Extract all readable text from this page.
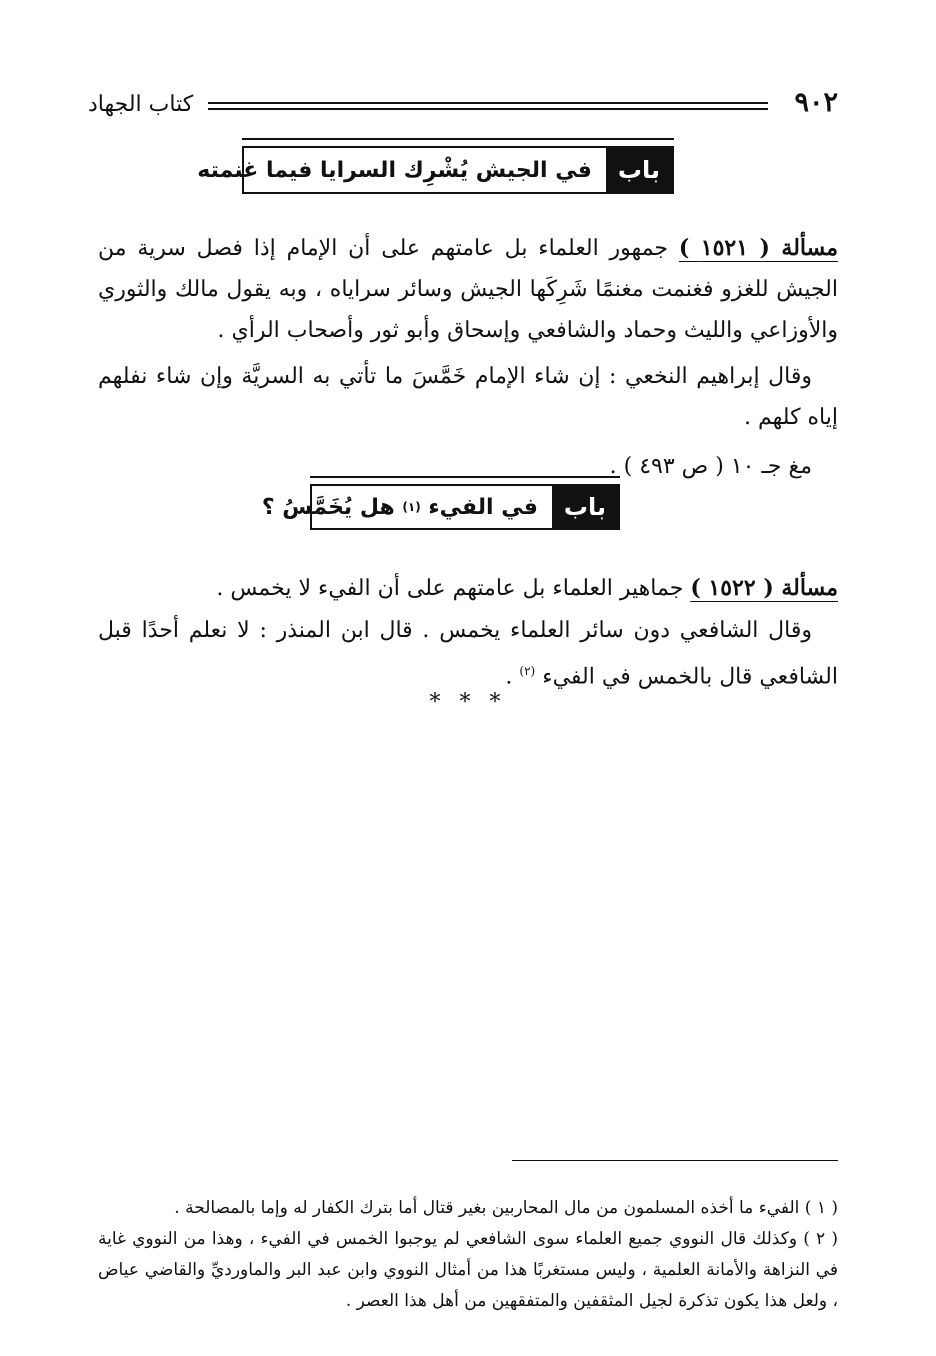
٩٠٢
كتاب الجهاد
باب
في الجيش يُشْرِك السرايا فيما غنمته

مسألة ( ١٥٢١ ) جمهور العلماء بل عامتهم على أن الإمام إذا فصل سرية من الجيش للغزو فغنمت مغنمًا شَرِكَها الجيش وسائر سراياه ، وبه يقول مالك والثوري والأوزاعي والليث وحماد والشافعي وإسحاق وأبو ثور وأصحاب الرأي .

وقال إبراهيم النخعي : إن شاء الإمام خَمَّسَ ما تأتي به السريَّة وإن شاء نفلهم إياه كلهم .

مغ جـ ١٠ ( ص ٤٩٣ ) .

باب
في الفيء

(١)

هل يُخَمَّسُ ؟

مسألة ( ١٥٢٢ ) جماهير العلماء بل عامتهم على أن الفيء لا يخمس .

وقال الشافعي دون سائر العلماء يخمس . قال ابن المنذر : لا نعلم أحدًا قبل الشافعي قال بالخمس في الفيء $^{(٢)}$ .

* * *

( ١ ) الفيء ما أخذه المسلمون من مال المحاربين بغير قتال أما بترك الكفار له وإما بالمصالحة .

( ٢ ) وكذلك قال النووي جميع العلماء سوى الشافعي لم يوجبوا الخمس في الفيء ، وهذا من النووي غاية في النزاهة والأمانة العلمية ، وليس مستغربًا هذا من أمثال النووي وابن عبد البر والماورديِّ والقاضي عياض ، ولعل هذا يكون تذكرة لجيل المثقفين والمتفقهين من أهل هذا العصر .
